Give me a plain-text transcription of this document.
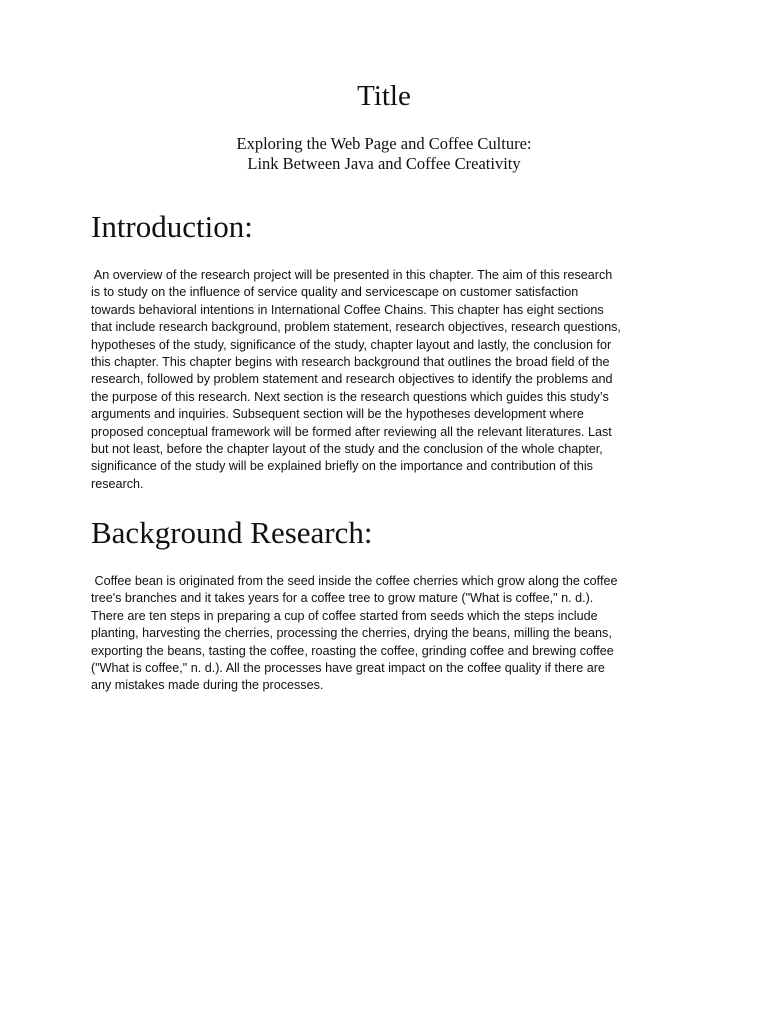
Title
Exploring the Web Page and Coffee Culture:
Link Between Java and Coffee Creativity
Introduction:
An overview of the research project will be presented in this chapter. The aim of this research
is to study on the influence of service quality and servicescape on customer satisfaction
towards behavioral intentions in International Coffee Chains. This chapter has eight sections
that include research background, problem statement, research objectives, research questions,
hypotheses of the study, significance of the study, chapter layout and lastly, the conclusion for
this chapter. This chapter begins with research background that outlines the broad field of the
research, followed by problem statement and research objectives to identify the problems and
the purpose of this research. Next section is the research questions which guides this study’s
arguments and inquiries. Subsequent section will be the hypotheses development where
proposed conceptual framework will be formed after reviewing all the relevant literatures. Last
but not least, before the chapter layout of the study and the conclusion of the whole chapter,
significance of the study will be explained briefly on the importance and contribution of this
research.
Background Research:
Coffee bean is originated from the seed inside the coffee cherries which grow along the coffee
tree's branches and it takes years for a coffee tree to grow mature ("What is coffee," n. d.).
There are ten steps in preparing a cup of coffee started from seeds which the steps include
planting, harvesting the cherries, processing the cherries, drying the beans, milling the beans,
exporting the beans, tasting the coffee, roasting the coffee, grinding coffee and brewing coffee
("What is coffee," n. d.). All the processes have great impact on the coffee quality if there are
any mistakes made during the processes.
